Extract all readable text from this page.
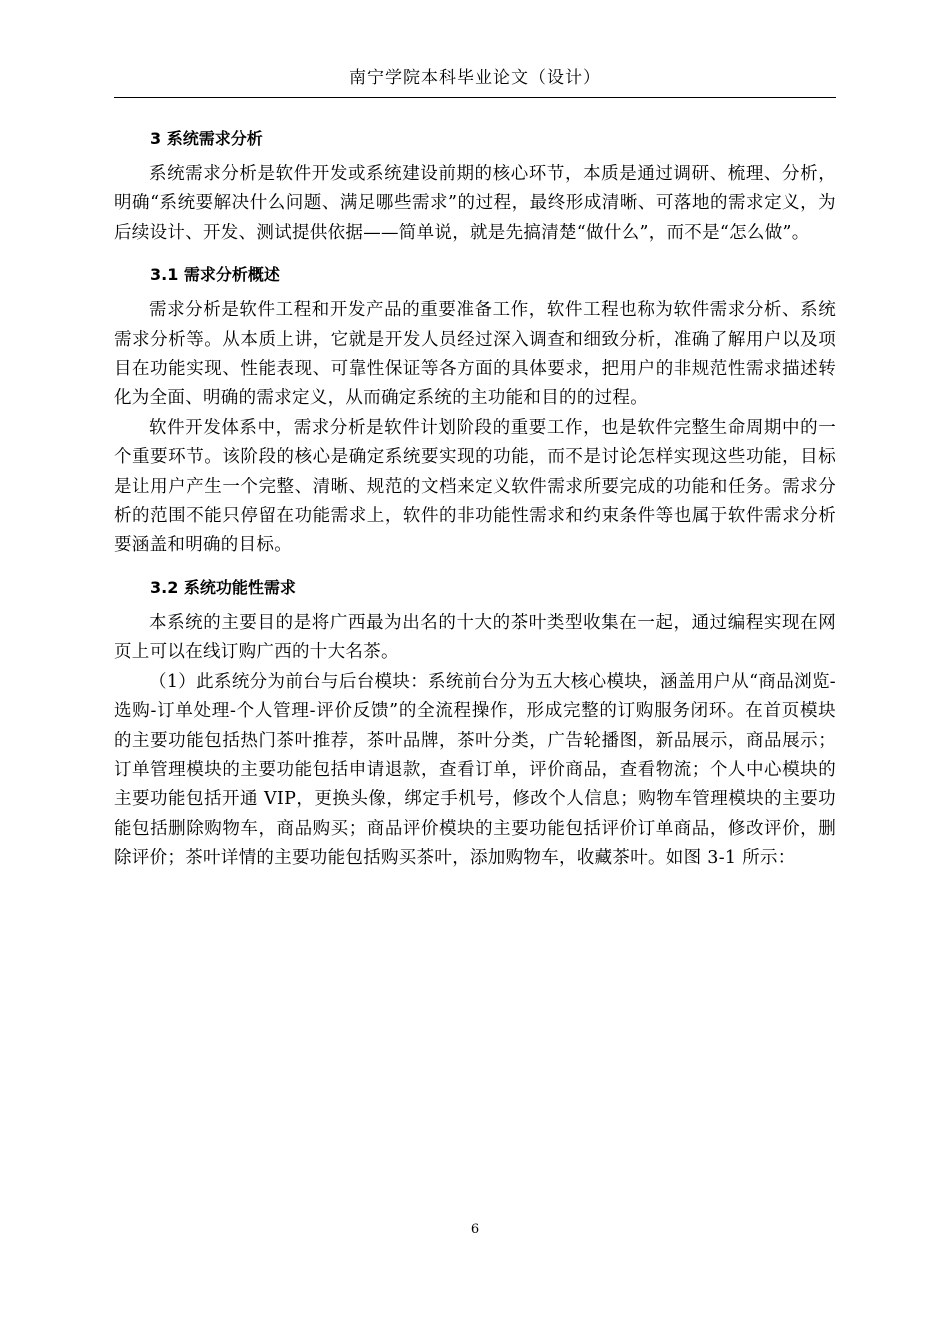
南宁学院本科毕业论文（设计）
3 系统需求分析

系统需求分析是软件开发或系统建设前期的核心环节，本质是通过调研、梳理、分析，明确“系统要解决什么问题、满足哪些需求”的过程，最终形成清晰、可落地的需求定义，为后续设计、开发、测试提供依据——简单说，就是先搞清楚“做什么”，而不是“怎么做”。

3.1 需求分析概述

需求分析是软件工程和开发产品的重要准备工作，软件工程也称为软件需求分析、系统需求分析等。从本质上讲，它就是开发人员经过深入调查和细致分析，准确了解用户以及项目在功能实现、性能表现、可靠性保证等各方面的具体要求，把用户的非规范性需求描述转化为全面、明确的需求定义，从而确定系统的主功能和目的的过程。

软件开发体系中，需求分析是软件计划阶段的重要工作，也是软件完整生命周期中的一个重要环节。该阶段的核心是确定系统要实现的功能，而不是讨论怎样实现这些功能，目标是让用户产生一个完整、清晰、规范的文档来定义软件需求所要完成的功能和任务。需求分析的范围不能只停留在功能需求上，软件的非功能性需求和约束条件等也属于软件需求分析要涵盖和明确的目标。

3.2 系统功能性需求

本系统的主要目的是将广西最为出名的十大的茶叶类型收集在一起，通过编程实现在网页上可以在线订购广西的十大名茶。

（1）此系统分为前台与后台模块：系统前台分为五大核心模块，涵盖用户从“商品浏览-选购-订单处理-个人管理-评价反馈”的全流程操作，形成完整的订购服务闭环。在首页模块的主要功能包括热门茶叶推荐，茶叶品牌，茶叶分类，广告轮播图，新品展示，商品展示；订单管理模块的主要功能包括申请退款，查看订单，评价商品，查看物流；个人中心模块的主要功能包括开通 VIP，更换头像，绑定手机号，修改个人信息；购物车管理模块的主要功能包括删除购物车，商品购买；商品评价模块的主要功能包括评价订单商品，修改评价，删除评价；茶叶详情的主要功能包括购买茶叶，添加购物车，收藏茶叶。如图 3-1 所示：

6
